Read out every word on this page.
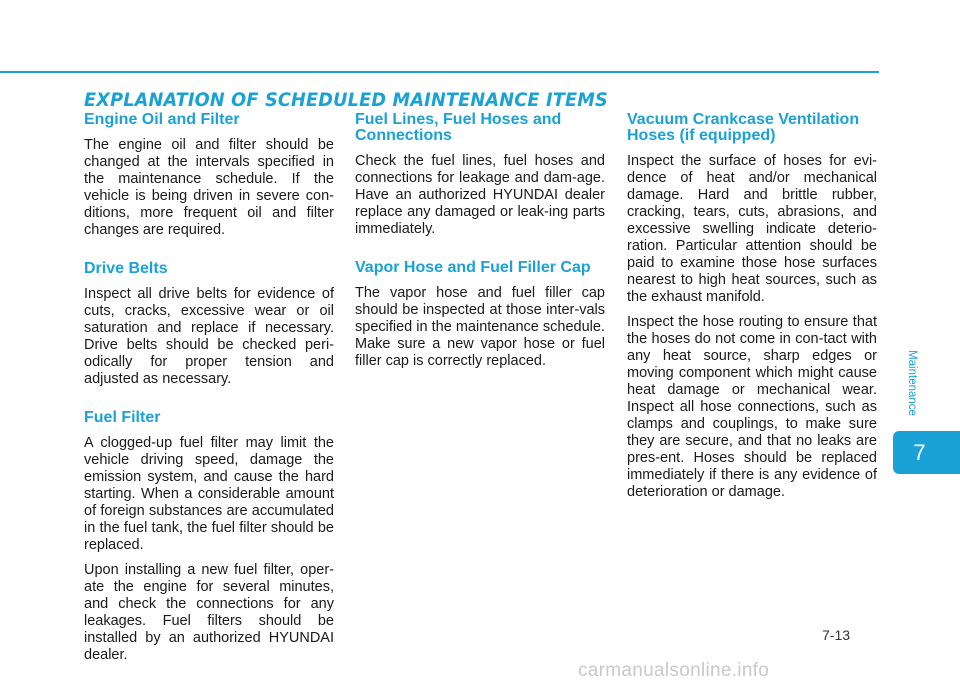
EXPLANATION OF SCHEDULED MAINTENANCE ITEMS
Engine Oil and Filter

The engine oil and filter should be changed at the intervals specified in the maintenance schedule. If the vehicle is being driven in severe con-ditions, more frequent oil and filter changes are required.

Drive Belts

Inspect all drive belts for evidence of cuts, cracks, excessive wear or oil saturation and replace if necessary. Drive belts should be checked peri-odically for proper tension and adjusted as necessary.

Fuel Filter

A clogged-up fuel filter may limit the vehicle driving speed, damage the emission system, and cause the hard starting. When a considerable amount of foreign substances are accumulated in the fuel tank, the fuel filter should be replaced.

Upon installing a new fuel filter, oper-ate the engine for several minutes, and check the connections for any leakages. Fuel filters should be installed by an authorized HYUNDAI dealer.

Fuel Lines, Fuel Hoses and Connections

Check the fuel lines, fuel hoses and connections for leakage and dam-age. Have an authorized HYUNDAI dealer replace any damaged or leak-ing parts immediately.

Vapor Hose and Fuel Filler Cap

The vapor hose and fuel filler cap should be inspected at those inter-vals specified in the maintenance schedule. Make sure a new vapor hose or fuel filler cap is correctly replaced.

Vacuum Crankcase Ventilation Hoses (if equipped)

Inspect the surface of hoses for evi-dence of heat and/or mechanical damage. Hard and brittle rubber, cracking, tears, cuts, abrasions, and excessive swelling indicate deterio-ration. Particular attention should be paid to examine those hose surfaces nearest to high heat sources, such as the exhaust manifold.

Inspect the hose routing to ensure that the hoses do not come in con-tact with any heat source, sharp edges or moving component which might cause heat damage or mechanical wear. Inspect all hose connections, such as clamps and couplings, to make sure they are secure, and that no leaks are pres-ent. Hoses should be replaced immediately if there is any evidence of deterioration or damage.

Maintenance
7
7-13
carmanualsonline.info
